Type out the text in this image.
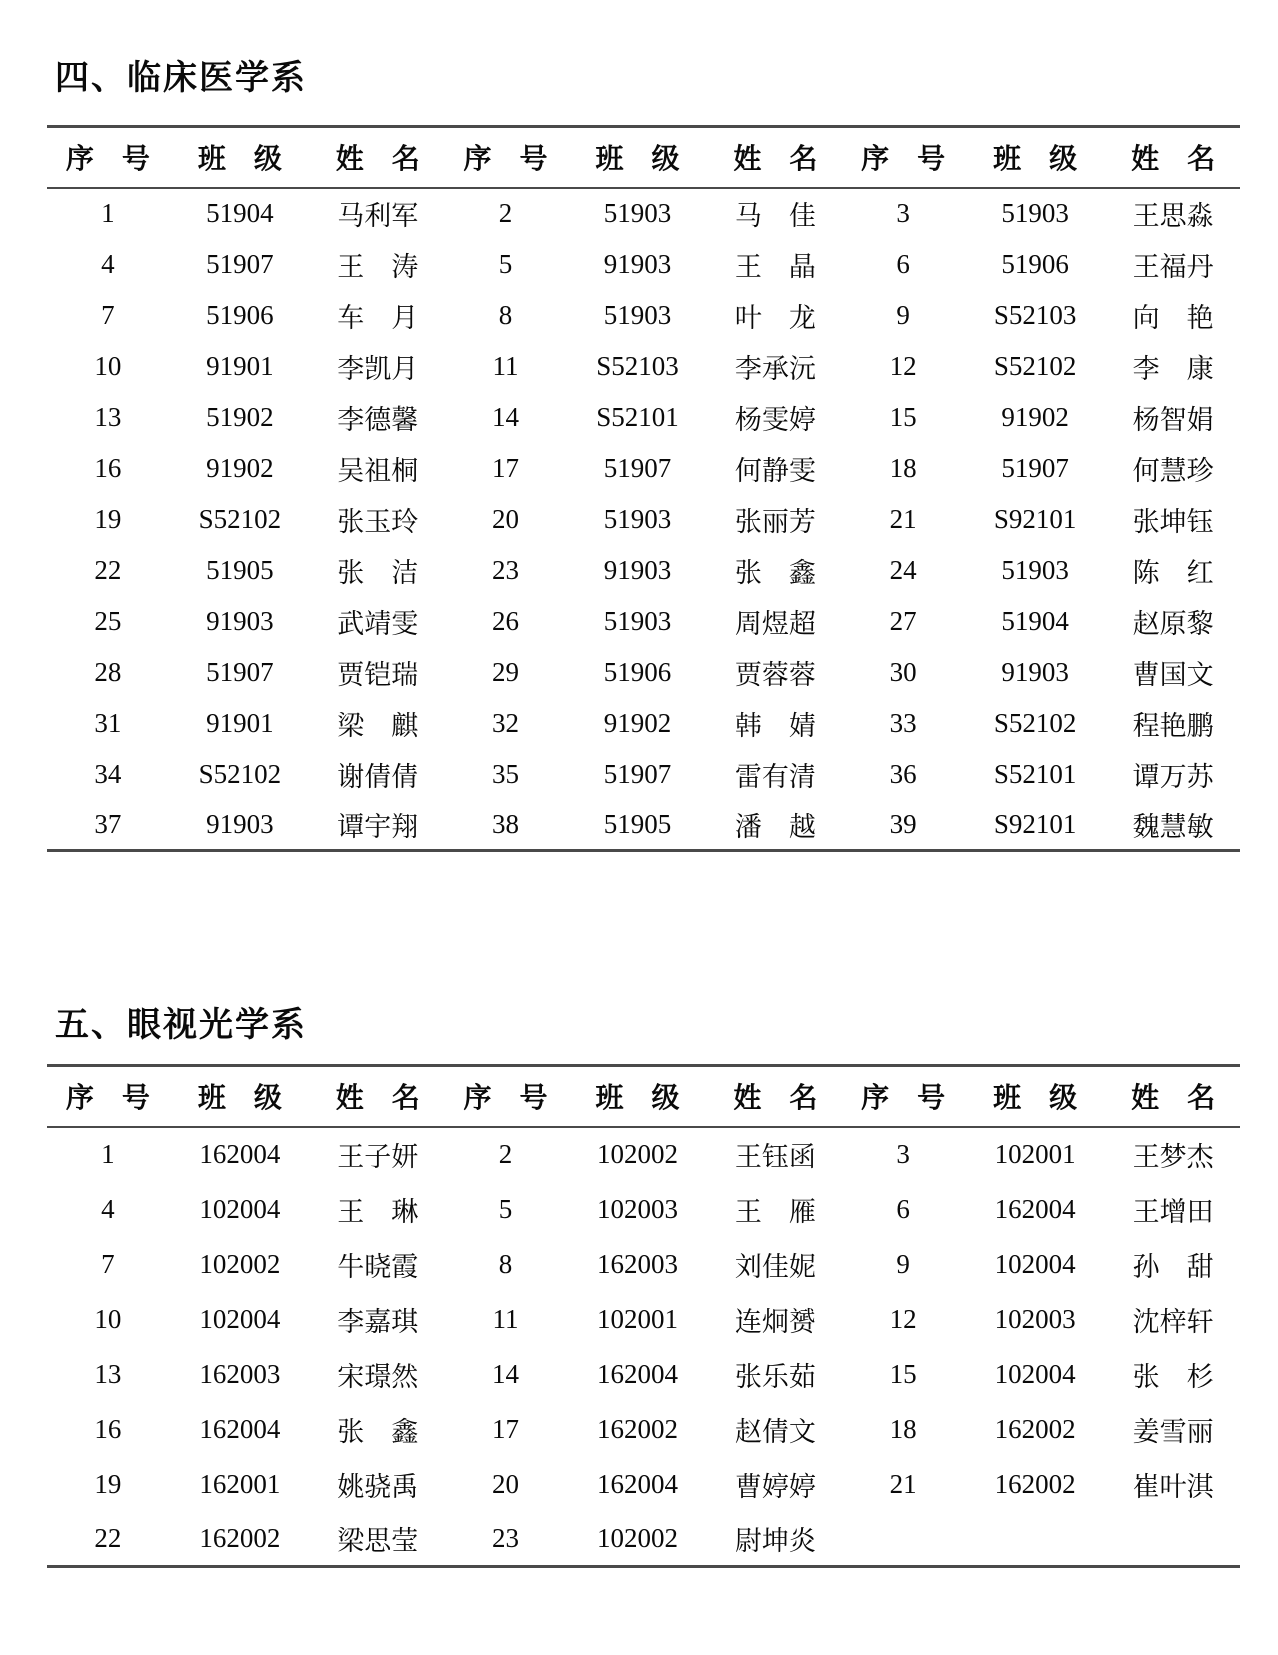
四、临床医学系
序　号	班　级	姓　名	序　号	班　级	姓　名	序　号	班　级	姓　名
1	51904	马利军	2	51903	马　佳	3	51903	王思淼
4	51907	王　涛	5	91903	王　晶	6	51906	王福丹
7	51906	车　月	8	51903	叶　龙	9	S52103	向　艳
10	91901	李凯月	11	S52103	李承沅	12	S52102	李　康
13	51902	李德馨	14	S52101	杨雯婷	15	91902	杨智娟
16	91902	吴祖桐	17	51907	何静雯	18	51907	何慧珍
19	S52102	张玉玲	20	51903	张丽芳	21	S92101	张坤钰
22	51905	张　洁	23	91903	张　鑫	24	51903	陈　红
25	91903	武靖雯	26	51903	周煜超	27	51904	赵原黎
28	51907	贾铠瑞	29	51906	贾蓉蓉	30	91903	曹国文
31	91901	梁　麒	32	91902	韩　婧	33	S52102	程艳鹏
34	S52102	谢倩倩	35	51907	雷有清	36	S52101	谭万苏
37	91903	谭宇翔	38	51905	潘　越	39	S92101	魏慧敏
五、眼视光学系
序　号	班　级	姓　名	序　号	班　级	姓　名	序　号	班　级	姓　名
1	162004	王子妍	2	102002	王钰函	3	102001	王梦杰
4	102004	王　琳	5	102003	王　雁	6	162004	王增田
7	102002	牛晓霞	8	162003	刘佳妮	9	102004	孙　甜
10	102004	李嘉琪	11	102001	连炯赟	12	102003	沈梓轩
13	162003	宋璟然	14	162004	张乐茹	15	102004	张　杉
16	162004	张　鑫	17	162002	赵倩文	18	162002	姜雪丽
19	162001	姚骁禹	20	162004	曹婷婷	21	162002	崔叶淇
22	162002	梁思莹	23	102002	尉坤炎			
